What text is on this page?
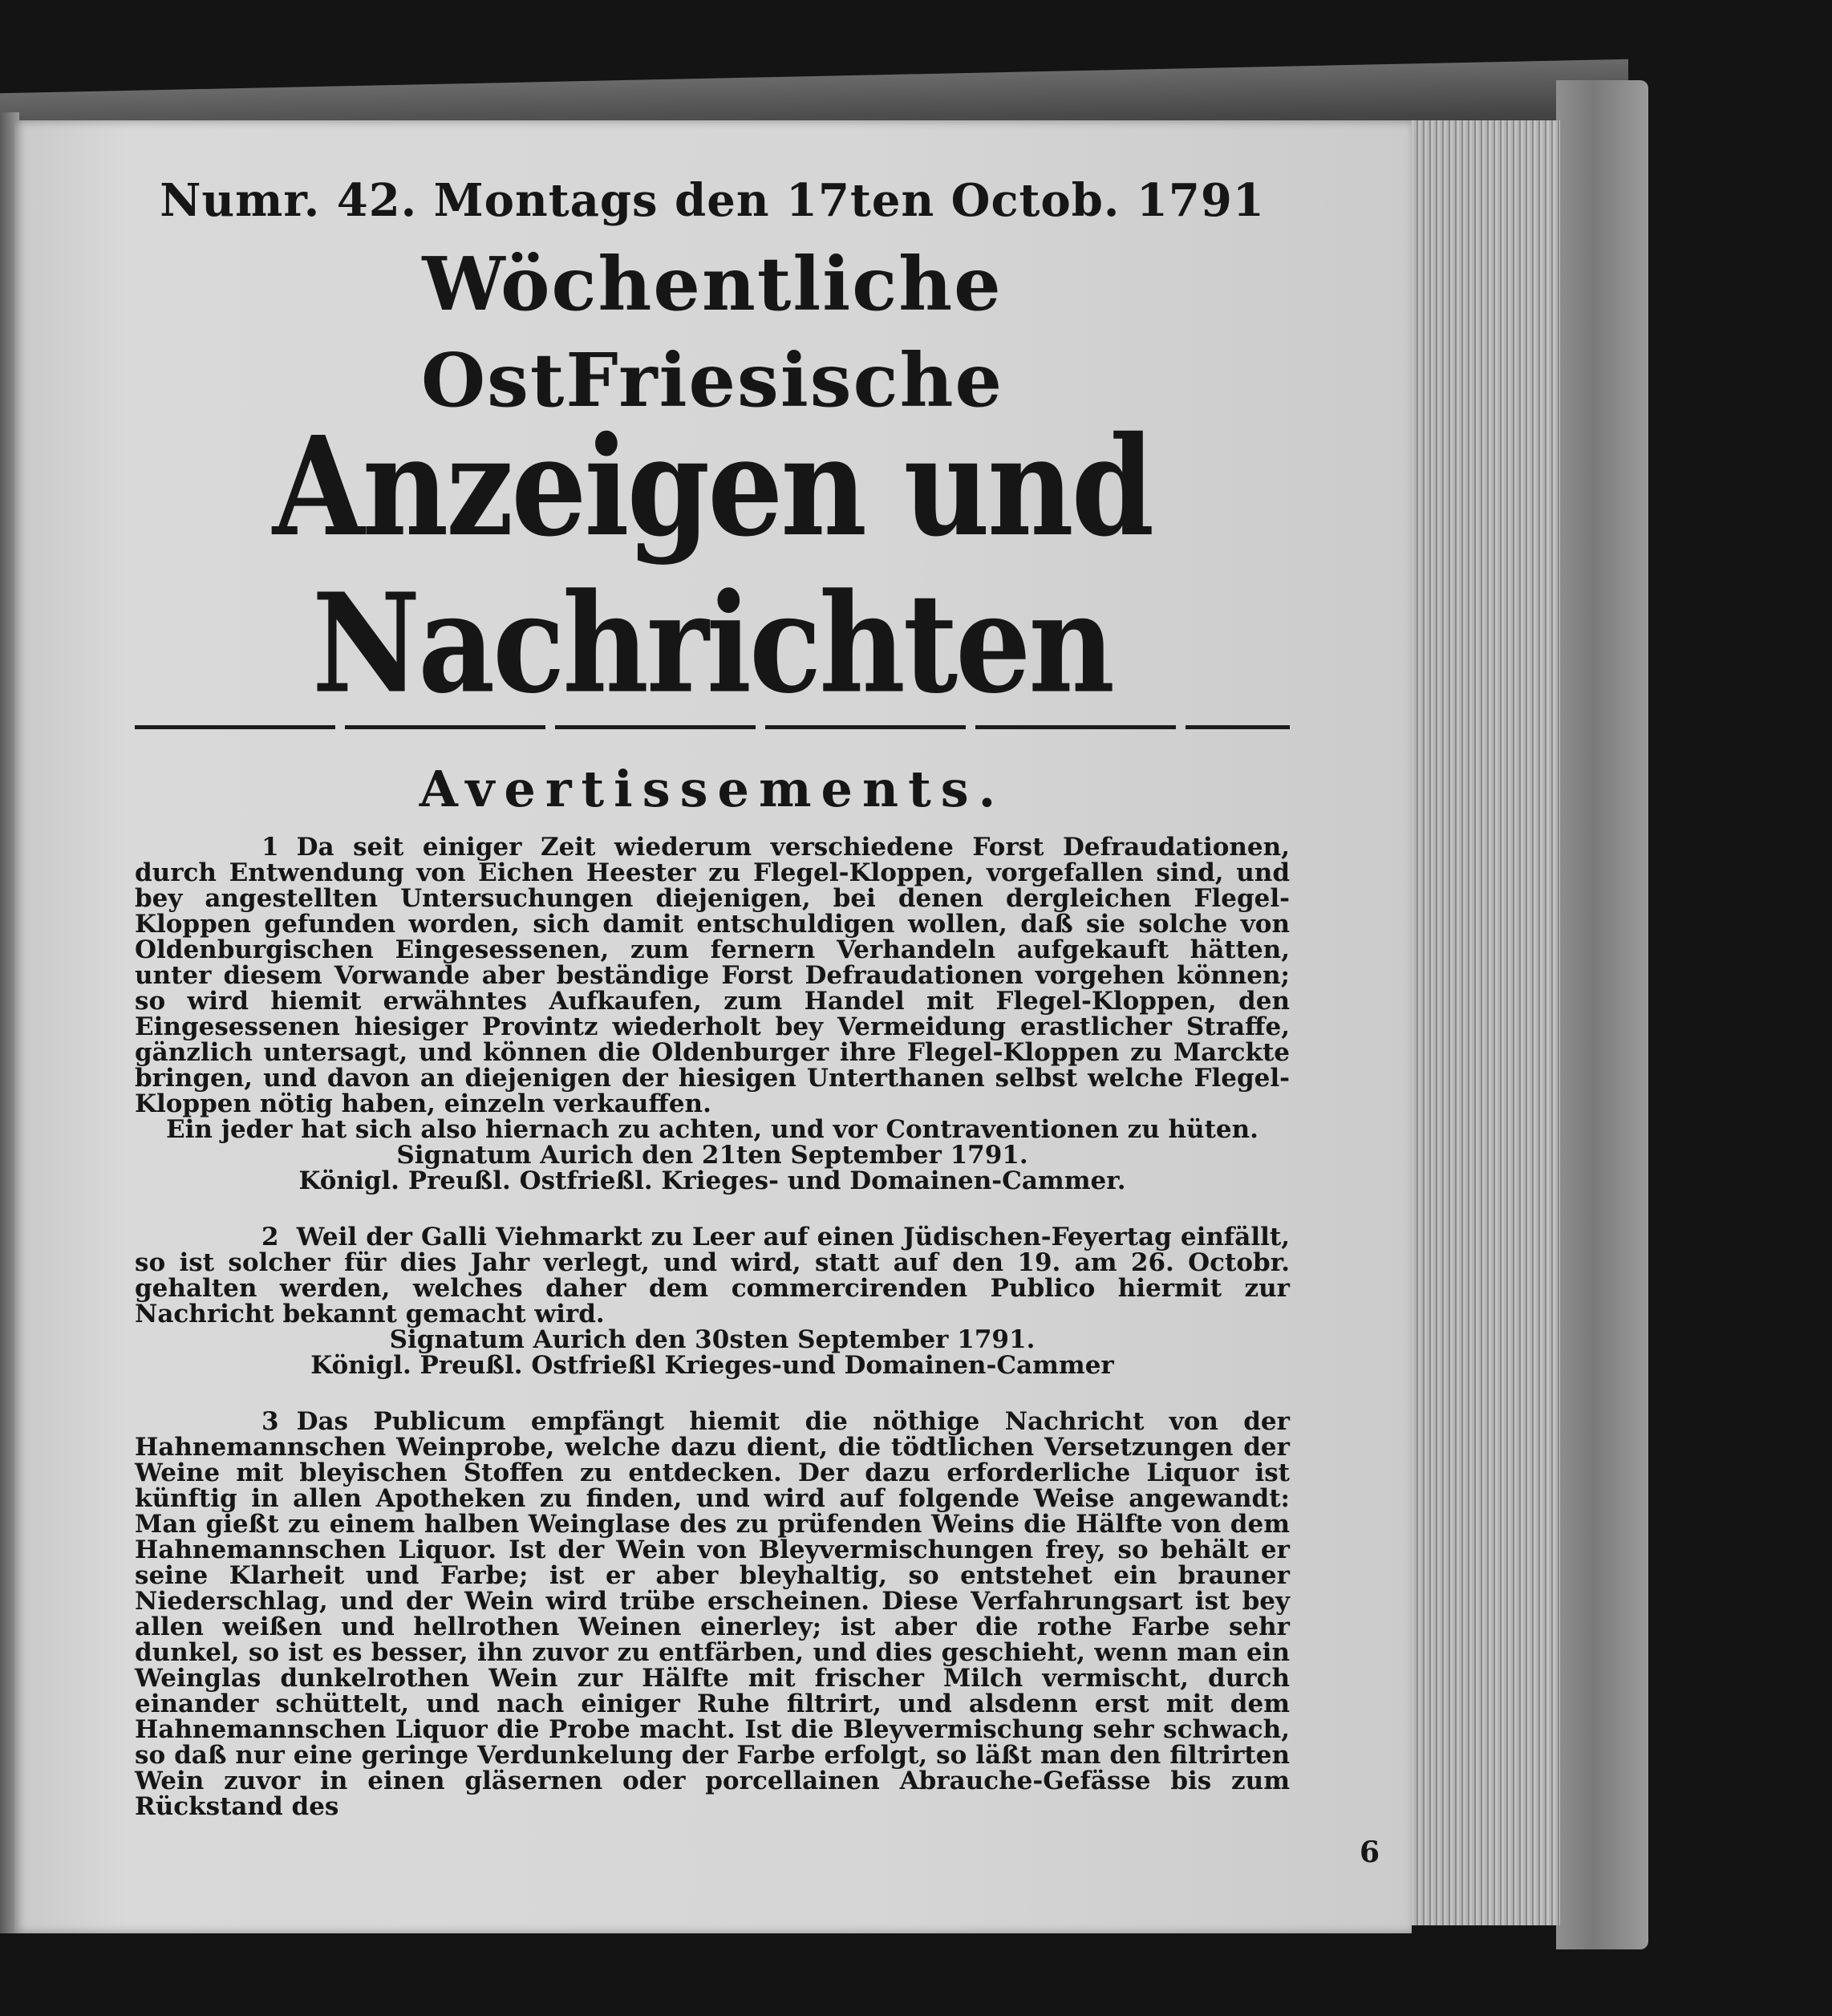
Numr. 42. Montags den 17ten Octob. 1791

Wöchentliche OstFriesische

Anzeigen und Nachrichten

Avertissements.

1 Da seit einiger Zeit wiederum verschiedene Forst Defraudationen, durch Entwendung von Eichen Heester zu Flegel-Kloppen, vorgefallen sind, und bey angestellten Untersuchungen diejenigen, bei denen dergleichen Flegel-Kloppen gefunden worden, sich damit entschuldigen wollen, daß sie solche von Oldenburgischen Eingesessenen, zum fernern Verhandeln aufgekauft hätten, unter diesem Vorwande aber beständige Forst Defraudationen vorgehen können; so wird hiemit erwähntes Aufkaufen, zum Handel mit Flegel-Kloppen, den Eingesessenen hiesiger Provintz wiederholt bey Vermeidung erastlicher Straffe, gänzlich untersagt, und können die Oldenburger ihre Flegel-Kloppen zu Marckte bringen, und davon an diejenigen der hiesigen Unterthanen selbst welche Flegel-Kloppen nötig haben, einzeln verkauffen.

Ein jeder hat sich also hiernach zu achten, und vor Contraventionen zu hüten.

Signatum Aurich den 21ten September 1791.

Königl. Preußl. Ostfrießl. Krieges- und Domainen-Cammer.

2 Weil der Galli Viehmarkt zu Leer auf einen Jüdischen-Feyertag einfällt, so ist solcher für dies Jahr verlegt, und wird, statt auf den 19. am 26. Octobr. gehalten werden, welches daher dem commercirenden Publico hiermit zur Nachricht bekannt gemacht wird.

Signatum Aurich den 30sten September 1791.

Königl. Preußl. Ostfrießl Krieges-und Domainen-Cammer

3 Das Publicum empfängt hiemit die nöthige Nachricht von der Hahnemannschen Weinprobe, welche dazu dient, die tödtlichen Versetzungen der Weine mit bleyischen Stoffen zu entdecken. Der dazu erforderliche Liquor ist künftig in allen Apotheken zu finden, und wird auf folgende Weise angewandt: Man gießt zu einem halben Weinglase des zu prüfenden Weins die Hälfte von dem Hahnemannschen Liquor. Ist der Wein von Bleyvermischungen frey, so behält er seine Klarheit und Farbe; ist er aber bleyhaltig, so entstehet ein brauner Niederschlag, und der Wein wird trübe erscheinen. Diese Verfahrungsart ist bey allen weißen und hellrothen Weinen einerley; ist aber die rothe Farbe sehr dunkel, so ist es besser, ihn zuvor zu entfärben, und dies geschieht, wenn man ein Weinglas dunkelrothen Wein zur Hälfte mit frischer Milch vermischt, durch einander schüttelt, und nach einiger Ruhe filtrirt, und alsdenn erst mit dem Hahnemannschen Liquor die Probe macht. Ist die Bleyvermischung sehr schwach, so daß nur eine geringe Verdunkelung der Farbe erfolgt, so läßt man den filtrirten Wein zuvor in einen gläsernen oder porcellainen Abrauche-Gefässe bis zum Rückstand des

6
